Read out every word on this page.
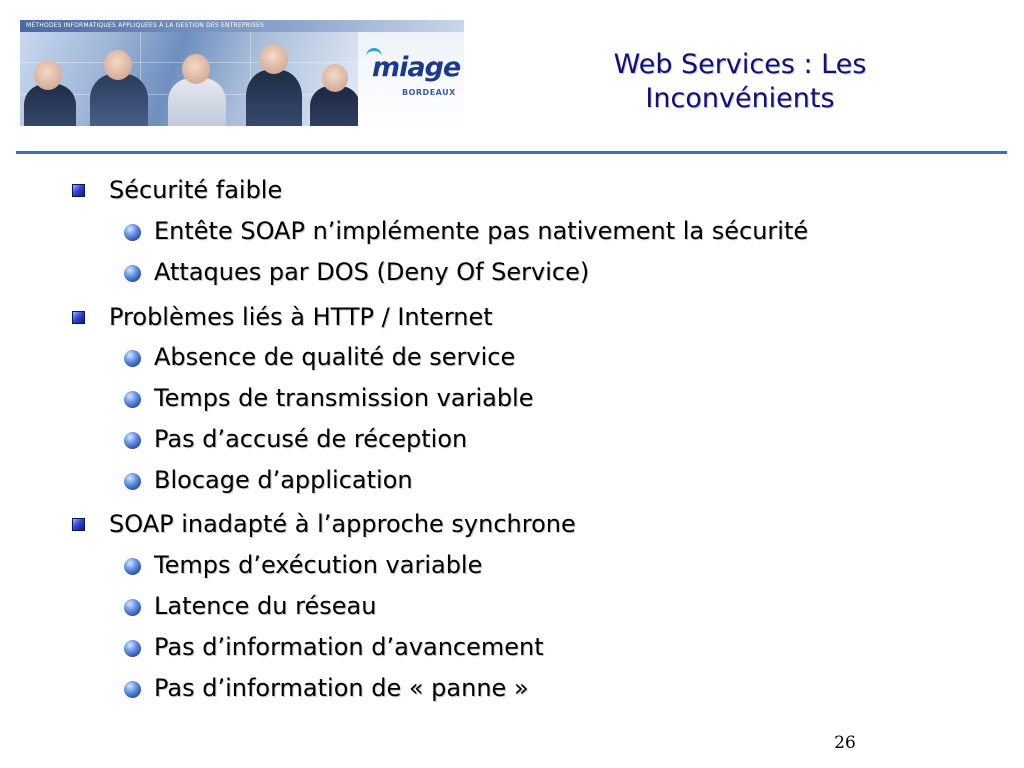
MÉTHODES INFORMATIQUES APPLIQUÉES À LA GESTION DES ENTREPRISES
miage
BORDEAUX
Web Services : Les
Inconvénients
Sécurité faible
Entête SOAP n’implémente pas nativement la sécurité
Attaques par DOS (Deny Of Service)
Problèmes liés à HTTP / Internet
Absence de qualité de service
Temps de transmission variable
Pas d’accusé de réception
Blocage d’application
SOAP inadapté à l’approche synchrone
Temps d’exécution variable
Latence du réseau
Pas d’information d’avancement
Pas d’information de « panne »
26
